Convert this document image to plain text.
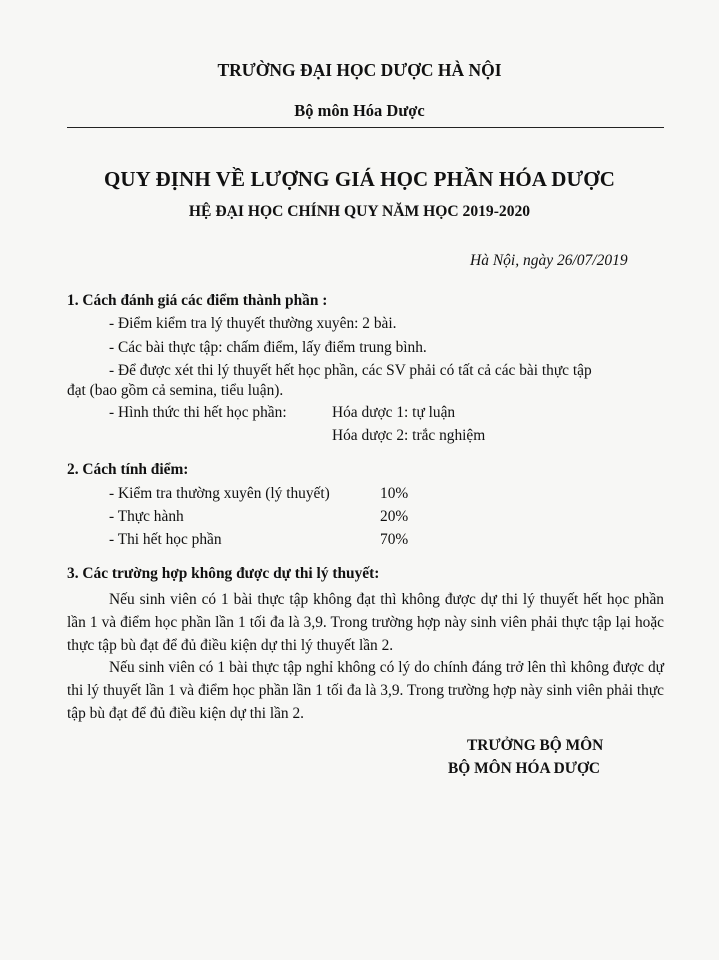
TRƯỜNG ĐẠI HỌC DƯỢC HÀ NỘI
Bộ môn Hóa Dược
QUY ĐỊNH VỀ LƯỢNG GIÁ HỌC PHẦN HÓA DƯỢC
HỆ ĐẠI HỌC CHÍNH QUY NĂM HỌC 2019-2020
Hà Nội, ngày 26/07/2019
1. Cách đánh giá các điểm thành phần :
- Điểm kiểm tra lý thuyết thường xuyên: 2 bài.
- Các bài thực tập: chấm điểm, lấy điểm trung bình.
- Để được xét thi lý thuyết hết học phần, các SV phải có tất cả các bài thực tập
đạt (bao gồm cả semina, tiểu luận).
- Hình thức thi hết học phần:	Hóa dược 1: tự luận
Hóa dược 2: trắc nghiệm
2. Cách tính điểm:
- Kiểm tra thường xuyên (lý thuyết)	10%
- Thực hành	20%
- Thi hết học phần	70%
3. Các trường hợp không được dự thi lý thuyết:
Nếu sinh viên có 1 bài thực tập không đạt thì không được dự thi lý thuyết hết học phần lần 1 và điểm học phần lần 1 tối đa là 3,9. Trong trường hợp này sinh viên phải thực tập lại hoặc thực tập bù đạt để đủ điều kiện dự thi lý thuyết lần 2.
Nếu sinh viên có 1 bài thực tập nghỉ không có lý do chính đáng trở lên thì không được dự thi lý thuyết lần 1 và điểm học phần lần 1 tối đa là 3,9. Trong trường hợp này sinh viên phải thực tập bù đạt để đủ điều kiện dự thi lần 2.
TRƯỞNG BỘ MÔN
BỘ MÔN HÓA DƯỢC
